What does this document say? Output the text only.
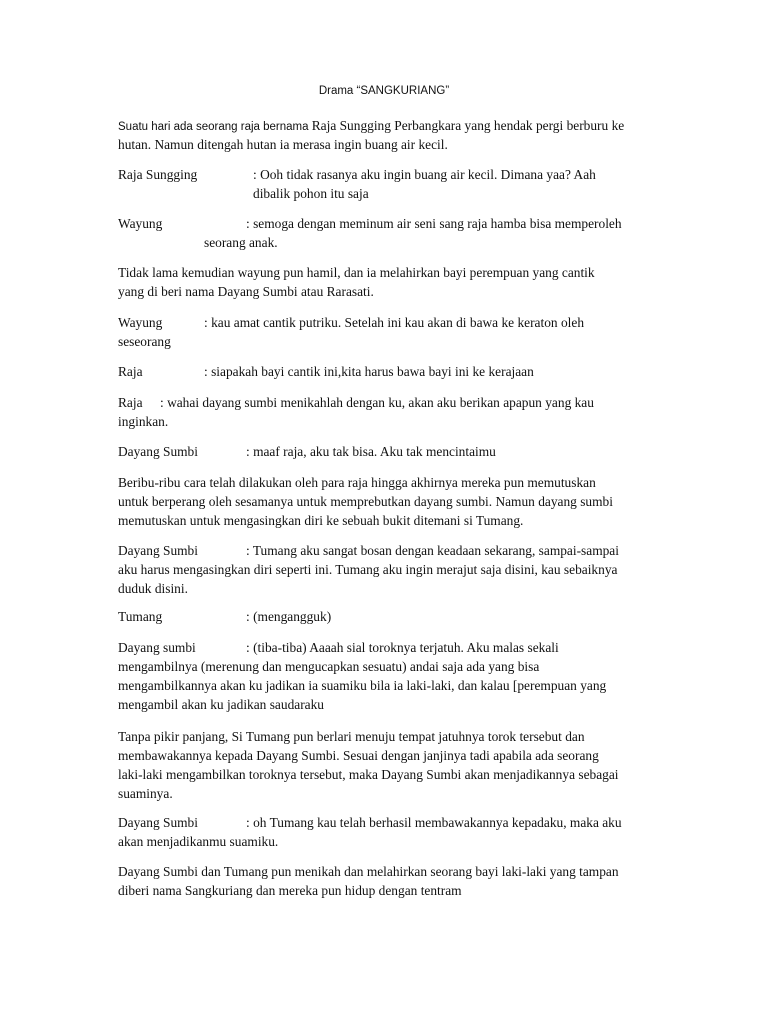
Drama “SANGKURIANG”
Suatu hari ada seorang raja bernama Raja Sungging Perbangkara yang hendak pergi berburu ke
hutan. Namun ditengah hutan ia merasa ingin buang air kecil.
Raja Sungging	: Ooh tidak rasanya aku ingin buang air kecil. Dimana yaa? Aah
dibalik pohon itu saja
Wayung	: semoga dengan meminum air seni sang raja hamba bisa memperoleh
seorang anak.
Tidak lama kemudian wayung pun hamil, dan ia melahirkan bayi perempuan yang cantik
yang di beri nama Dayang Sumbi atau Rarasati.
Wayung	: kau amat cantik putriku. Setelah ini kau akan di bawa ke keraton oleh
seseorang
Raja	: siapakah bayi cantik ini,kita harus bawa bayi ini ke kerajaan
Raja : wahai dayang sumbi menikahlah dengan ku, akan aku berikan apapun yang kau
inginkan.
Dayang Sumbi	: maaf raja, aku tak bisa. Aku tak mencintaimu
Beribu-ribu cara telah dilakukan oleh para raja hingga akhirnya mereka pun memutuskan
untuk berperang oleh sesamanya untuk memprebutkan dayang sumbi. Namun dayang sumbi
memutuskan untuk mengasingkan diri ke sebuah bukit ditemani si Tumang.
Dayang Sumbi	: Tumang aku sangat bosan dengan keadaan sekarang, sampai-sampai
aku harus mengasingkan diri seperti ini. Tumang aku ingin merajut saja disini, kau sebaiknya
duduk disini.
Tumang	: (mengangguk)
Dayang sumbi	: (tiba-tiba) Aaaah sial toroknya terjatuh. Aku malas sekali
mengambilnya (merenung dan mengucapkan sesuatu) andai saja ada yang bisa
mengambilkannya akan ku jadikan ia suamiku bila ia laki-laki, dan kalau [perempuan yang
mengambil akan ku jadikan saudaraku
Tanpa pikir panjang, Si Tumang pun berlari menuju tempat jatuhnya torok tersebut dan
membawakannya kepada Dayang Sumbi. Sesuai dengan janjinya tadi apabila ada seorang
laki-laki mengambilkan toroknya tersebut, maka Dayang Sumbi akan menjadikannya sebagai
suaminya.
Dayang Sumbi	: oh Tumang kau telah berhasil membawakannya kepadaku, maka aku
akan menjadikanmu suamiku.
Dayang Sumbi dan Tumang pun menikah dan melahirkan seorang bayi laki-laki yang tampan
diberi nama Sangkuriang dan mereka pun hidup dengan tentram
